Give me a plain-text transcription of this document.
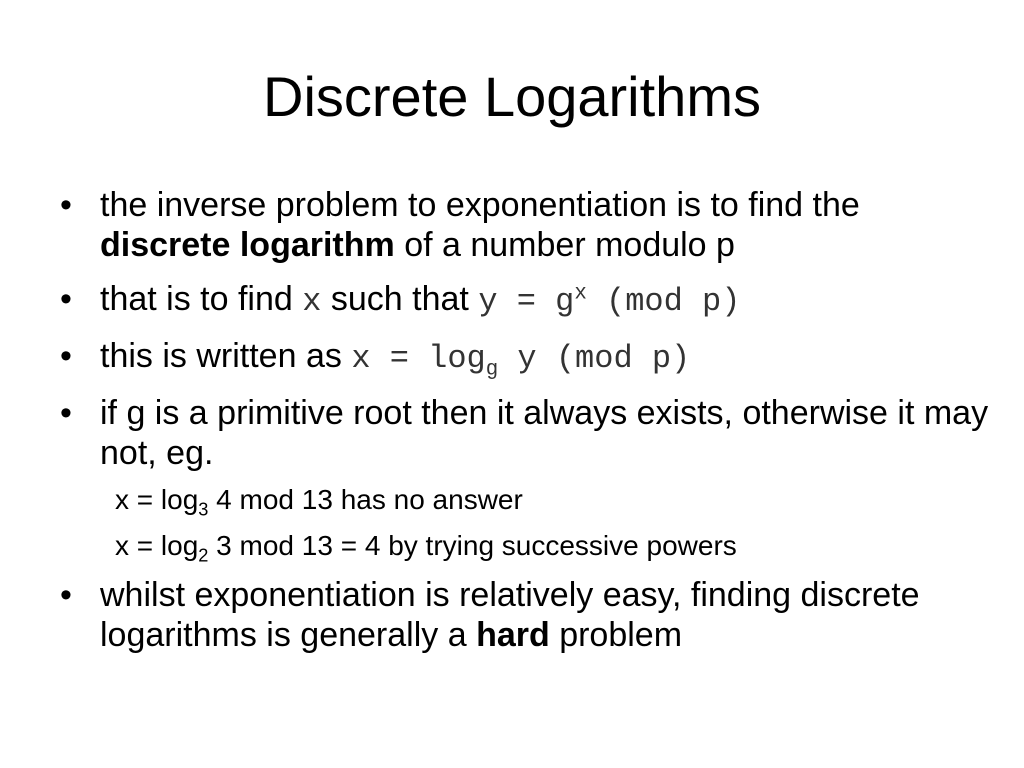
Discrete Logarithms
• the inverse problem to exponentiation is to find the discrete logarithm of a number modulo p
• that is to find x such that $y = g^x$ (mod p)
• this is written as $x = \log_g y$ (mod p)
• if g is a primitive root then it always exists, otherwise it may not, eg.
$x = \log_3 4$ mod 13 has no answer
$x = \log_2 3$ mod 13 = 4 by trying successive powers
• whilst exponentiation is relatively easy, finding discrete logarithms is generally a hard problem
